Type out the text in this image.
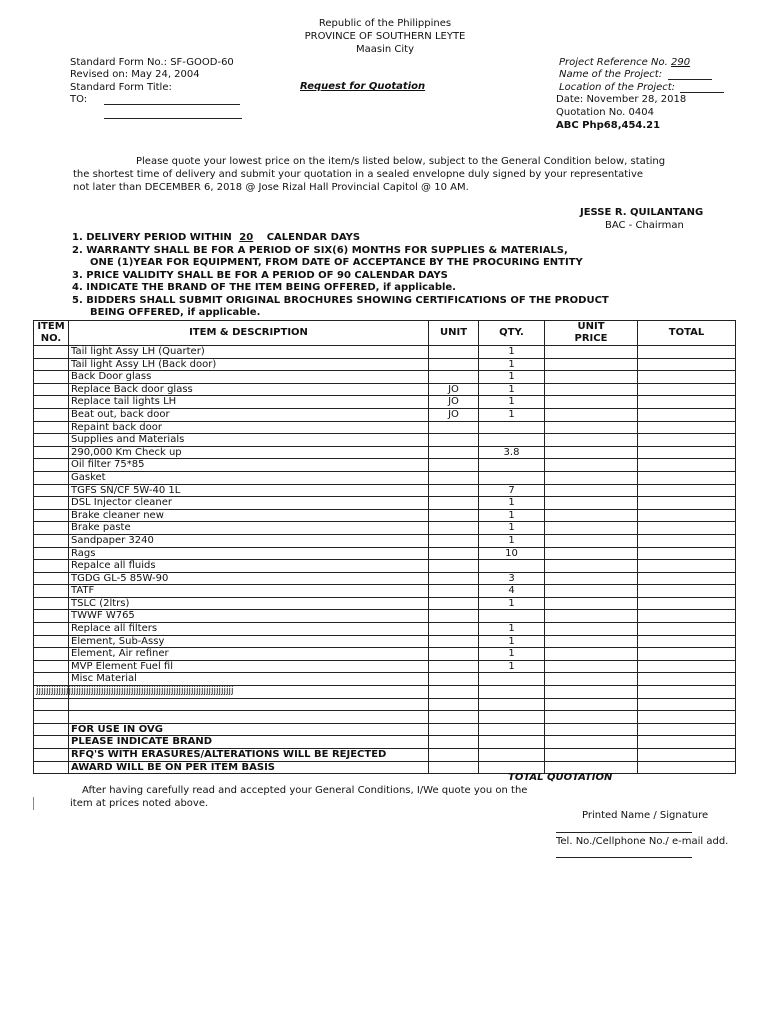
Republic of the Philippines
PROVINCE OF SOUTHERN LEYTE
Maasin City
Standard Form No.: SF-GOOD-60
Revised on: May 24, 2004
Standard Form Title:
TO:
Request for Quotation
Project Reference No. 290
Name of the Project:
Location of the Project:
Date: November 28, 2018
Quotation No. 0404
ABC Php68,454.21
Please quote your lowest price on the item/s listed below, subject to the General Condition below, stating
the shortest time of delivery and submit your quotation in a sealed envelopne duly signed by your representative
not later than DECEMBER 6, 2018 @ Jose Rizal Hall Provincial Capitol @ 10 AM.
JESSE R. QUILANTANG
BAC - Chairman
1. DELIVERY PERIOD WITHIN 20 CALENDAR DAYS
2. WARRANTY SHALL BE FOR A PERIOD OF SIX(6) MONTHS FOR SUPPLIES & MATERIALS,
ONE (1)YEAR FOR EQUIPMENT, FROM DATE OF ACCEPTANCE BY THE PROCURING ENTITY
3. PRICE VALIDITY SHALL BE FOR A PERIOD OF 90 CALENDAR DAYS
4. INDICATE THE BRAND OF THE ITEM BEING OFFERED, if applicable.
5. BIDDERS SHALL SUBMIT ORIGINAL BROCHURES SHOWING CERTIFICATIONS OF THE PRODUCT
BEING OFFERED, if applicable.
ITEM
NO.	ITEM & DESCRIPTION	UNIT	QTY.	UNIT
PRICE	TOTAL
	Tail light Assy LH (Quarter)		1		
	Tail light Assy LH (Back door)		1		
	Back Door glass		1		
	Replace Back door glass	JO	1		
	Replace tail lights LH	JO	1		
	Beat out, back door	JO	1		
	Repaint back door				
	Supplies and Materials				
	290,000 Km Check up		3.8		
	Oil filter 75*85				
	Gasket				
	TGFS SN/CF 5W-40 1L		7		
	DSL Injector cleaner		1		
	Brake cleaner new		1		
	Brake paste		1		
	Sandpaper 3240		1		
	Rags		10		
	Repalce all fluids				
	TGDG GL-5 85W-90		3		
	TATF		4		
	TSLC (2ltrs)		1		
	TWWF W765				
	Replace all filters		1		
	Element, Sub-Assy		1		
	Element, Air refiner		1		
	MVP Element Fuel fil		1		
	Misc Material				
jjjjjjjjjjjjjjjjjjjjjjjjjjjjjjjjjjjjjjjjjjjjjjjjjjjjjjjjjjjjjjjjjjjjjjjjjjjjjjj					

	FOR USE IN OVG				
	PLEASE INDICATE BRAND				
	RFQ'S WITH ERASURES/ALTERATIONS WILL BE REJECTED				
	AWARD WILL BE ON PER ITEM BASIS				
TOTAL QUOTATION
After having carefully read and accepted your General Conditions, I/We quote you on the
item at prices noted above.
Printed Name / Signature
Tel. No./Cellphone No./ e-mail add.
